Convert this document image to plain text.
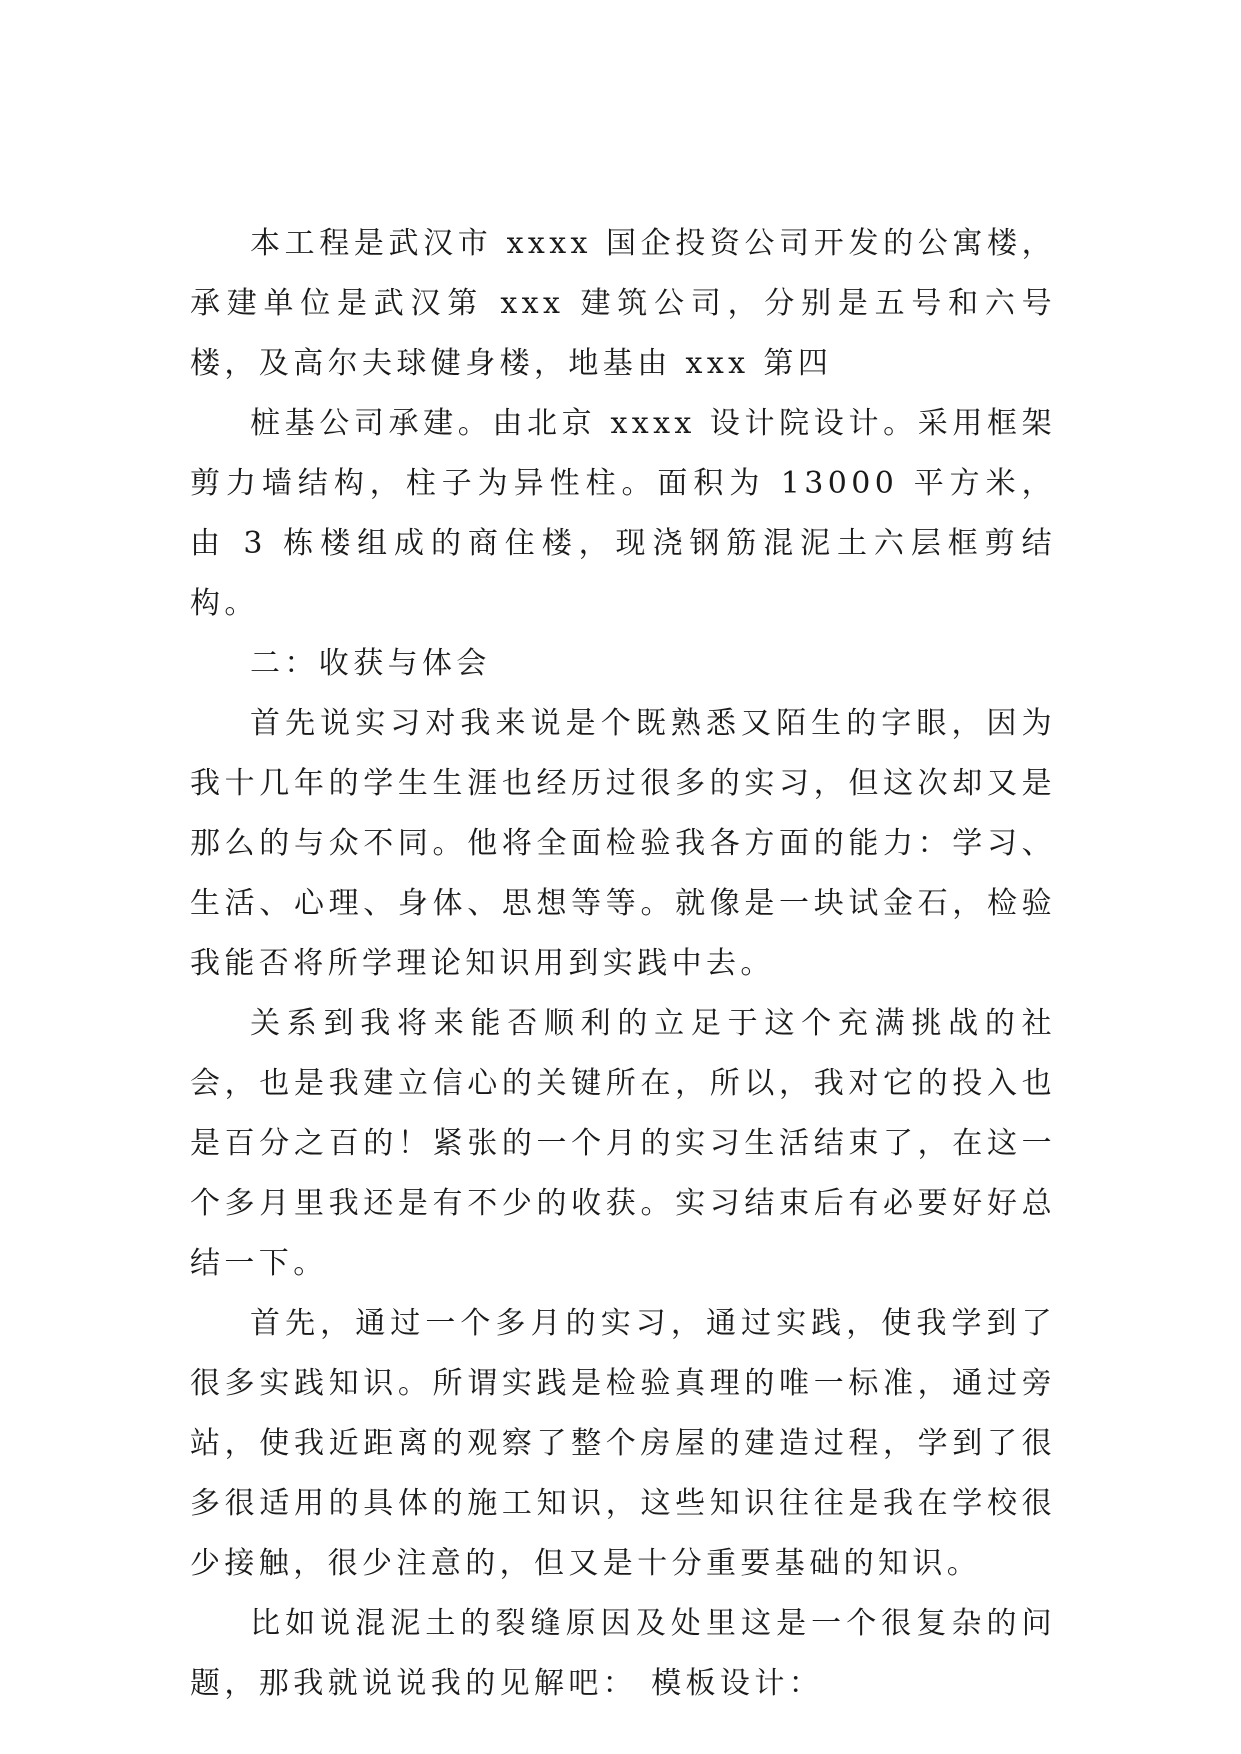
本工程是武汉市 xxxx 国企投资公司开发的公寓楼，承建单位是武汉第 xxx 建筑公司，分别是五号和六号楼，及高尔夫球健身楼，地基由 xxx 第四

桩基公司承建。由北京 xxxx 设计院设计。采用框架剪力墙结构，柱子为异性柱。面积为 13000 平方米，由 3 栋楼组成的商住楼，现浇钢筋混泥土六层框剪结构。

二：收获与体会

首先说实习对我来说是个既熟悉又陌生的字眼，因为我十几年的学生生涯也经历过很多的实习，但这次却又是那么的与众不同。他将全面检验我各方面的能力：学习、生活、心理、身体、思想等等。就像是一块试金石，检验我能否将所学理论知识用到实践中去。

关系到我将来能否顺利的立足于这个充满挑战的社会，也是我建立信心的关键所在，所以，我对它的投入也是百分之百的！紧张的一个月的实习生活结束了，在这一个多月里我还是有不少的收获。实习结束后有必要好好总结一下。

首先，通过一个多月的实习，通过实践，使我学到了很多实践知识。所谓实践是检验真理的唯一标准，通过旁站，使我近距离的观察了整个房屋的建造过程，学到了很多很适用的具体的施工知识，这些知识往往是我在学校很少接触，很少注意的，但又是十分重要基础的知识。

比如说混泥土的裂缝原因及处里这是一个很复杂的问题，那我就说说我的见解吧： 模板设计：
